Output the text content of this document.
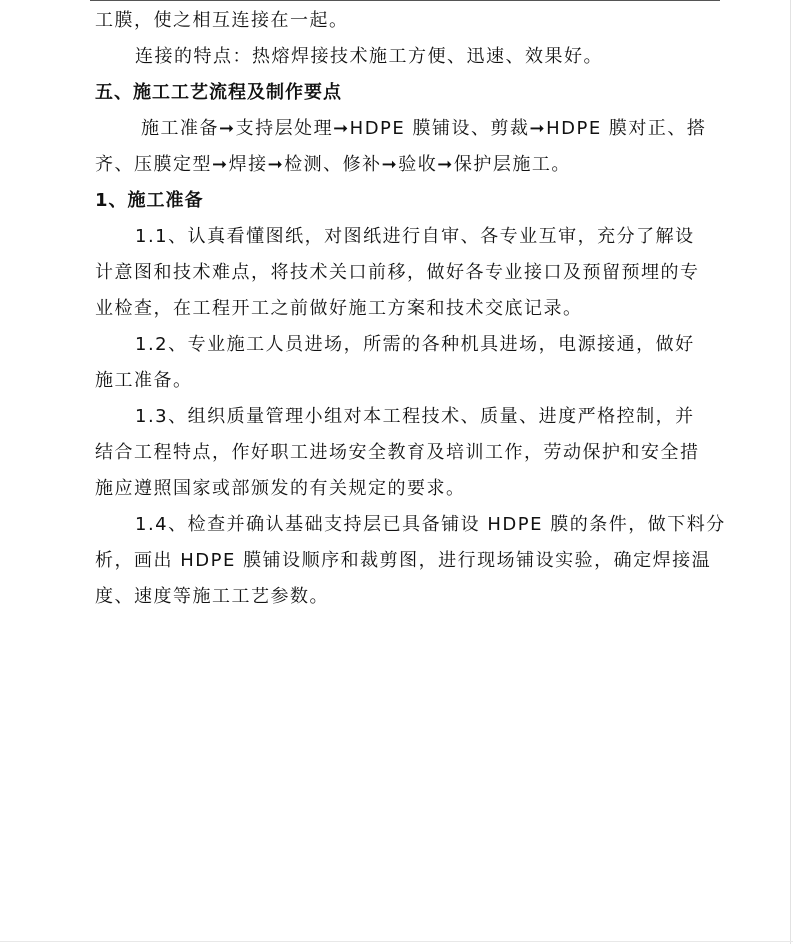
工膜，使之相互连接在一起。
连接的特点：热熔焊接技术施工方便、迅速、效果好。
五、施工工艺流程及制作要点
施工准备➞支持层处理➞HDPE 膜铺设、剪裁➞HDPE 膜对正、搭
齐、压膜定型➞焊接➞检测、修补➞验收➞保护层施工。
1、施工准备
1.1、认真看懂图纸，对图纸进行自审、各专业互审，充分了解设
计意图和技术难点，将技术关口前移，做好各专业接口及预留预埋的专
业检查，在工程开工之前做好施工方案和技术交底记录。
1.2、专业施工人员进场，所需的各种机具进场，电源接通，做好
施工准备。
1.3、组织质量管理小组对本工程技术、质量、进度严格控制，并
结合工程特点，作好职工进场安全教育及培训工作，劳动保护和安全措
施应遵照国家或部颁发的有关规定的要求。
1.4、检查并确认基础支持层已具备铺设 HDPE 膜的条件，做下料分
析，画出 HDPE 膜铺设顺序和裁剪图，进行现场铺设实验，确定焊接温
度、速度等施工工艺参数。
